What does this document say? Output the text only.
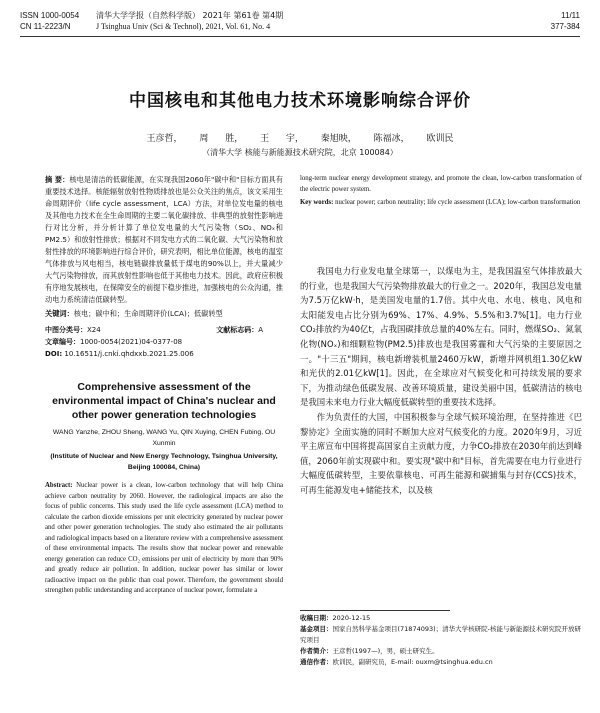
ISSN 1000-0054
CN 11-2223/N
清华大学学报（自然科学版） 2021年 第61卷 第4期
J Tsinghua Univ (Sci & Technol), 2021, Vol. 61, No. 4
11/11
377-384
中国核电和其他电力技术环境影响综合评价
王彦哲， 周 胜， 王 宇， 秦旭映， 陈福冰， 欧训民
（清华大学 核能与新能源技术研究院，北京 100084）

摘 要：核电是清洁的低碳能源，在实现我国2060年"碳中和"目标方面具有重要技术选择。核能辐射放射性物质排放也是公众关注的焦点，该文采用生命周期评价（life cycle assessment，LCA）方法，对单位发电量的核电及其他电力技术在全生命周期的主要二氧化碳排放、非典型的放射性影响进行对比分析，并分析计算了单位发电量的大气污染物（SO₂、NOₓ和PM2.5）和放射性排放；根据对不同发电方式的二氧化碳、大气污染物和放射性排放的环境影响进行综合评价，研究表明，相比单位能源，核电的温室气体排放与风电相当，核电链碳排放量低于煤电的90%以上，并大量减少大气污染物排放，而其放射性影响也低于其他电力技术。因此，政府应积极有序地发展核电，在保障安全的前提下稳步推进，加强核电的公众沟通，推动电力系统清洁低碳转型。

关键词：核电；碳中和；生命周期评价(LCA)；低碳转型

中图分类号：X24	文献标志码：A
文章编号：1000-0054(2021)04-0377-08
DOI: 10.16511/j.cnki.qhdxxb.2021.25.006
Comprehensive assessment of the environmental impact of China's nuclear and other power generation technologies
WANG Yanzhe, ZHOU Sheng, WANG Yu, QIN Xuying, CHEN Fubing, OU Xunmin
(Institute of Nuclear and New Energy Technology, Tsinghua University, Beijing 100084, China)

Abstract: Nuclear power is a clean, low-carbon technology that will help China achieve carbon neutrality by 2060. However, the radiological impacts are also the focus of public concerns. This study used the life cycle assessment (LCA) method to calculate the carbon dioxide emissions per unit electricity generated by nuclear power and other power generation technologies. The study also estimated the air pollutants and radiological impacts based on a literature review with a comprehensive assessment of these environmental impacts. The results show that nuclear power and renewable energy generation can reduce CO₂ emissions per unit of electricity by more than 90% and greatly reduce air pollution. In addition, nuclear power has similar or lower radioactive impact on the public than coal power. Therefore, the government should strengthen public understanding and acceptance of nuclear power, formulate a

long-term nuclear energy development strategy, and promote the clean, low-carbon transformation of the electric power system.

Key words: nuclear power; carbon neutrality; life cycle assessment (LCA); low-carbon transformation

我国电力行业发电量全球第一，以煤电为主，是我国温室气体排放最大的行业，也是我国大气污染物排放最大的行业之一。2020年，我国总发电量为7.5万亿kW·h，是美国发电量的1.7倍。其中火电、水电、核电、风电和太阳能发电占比分别为69%、17%、4.9%、5.5%和3.7%[1]。电力行业CO₂排放约为40亿t，占我国碳排放总量的40%左右。同时，燃煤SO₂、氮氧化物(NOₓ)和细颗粒物(PM2.5)排放也是我国雾霾和大气污染的主要原因之一。"十三五"期间，核电新增装机量2460万kW，新增并网机组1.30亿kW和光伏的2.01亿kW[1]。因此，在全球应对气候变化和可持续发展的要求下，为推动绿色低碳发展、改善环境质量，建设美丽中国，低碳清洁的核电是我国未来电力行业大幅度低碳转型的重要技术选择。

作为负责任的大国，中国积极参与全球气候环境治理，在坚持推进《巴黎协定》全面实施的同时不断加大应对气候变化的力度。2020年9月，习近平主席宣布中国将提高国家自主贡献力度，力争CO₂排放在2030年前达到峰值，2060年前实现碳中和。要实现"碳中和"目标，首先需要在电力行业进行大幅度低碳转型，主要依靠核电、可再生能源和碳捕集与封存(CCS)技术，可再生能源发电+储能技术，以及核

收稿日期：2020-12-15
基金项目：国家自然科学基金项目(71874093)；清华大学核研院-核能与新能源技术研究院开放研究项目
作者简介：王彦哲(1997—)，男，硕士研究生。
通信作者：欧训民，副研究员，E-mail: ouxm@tsinghua.edu.cn
